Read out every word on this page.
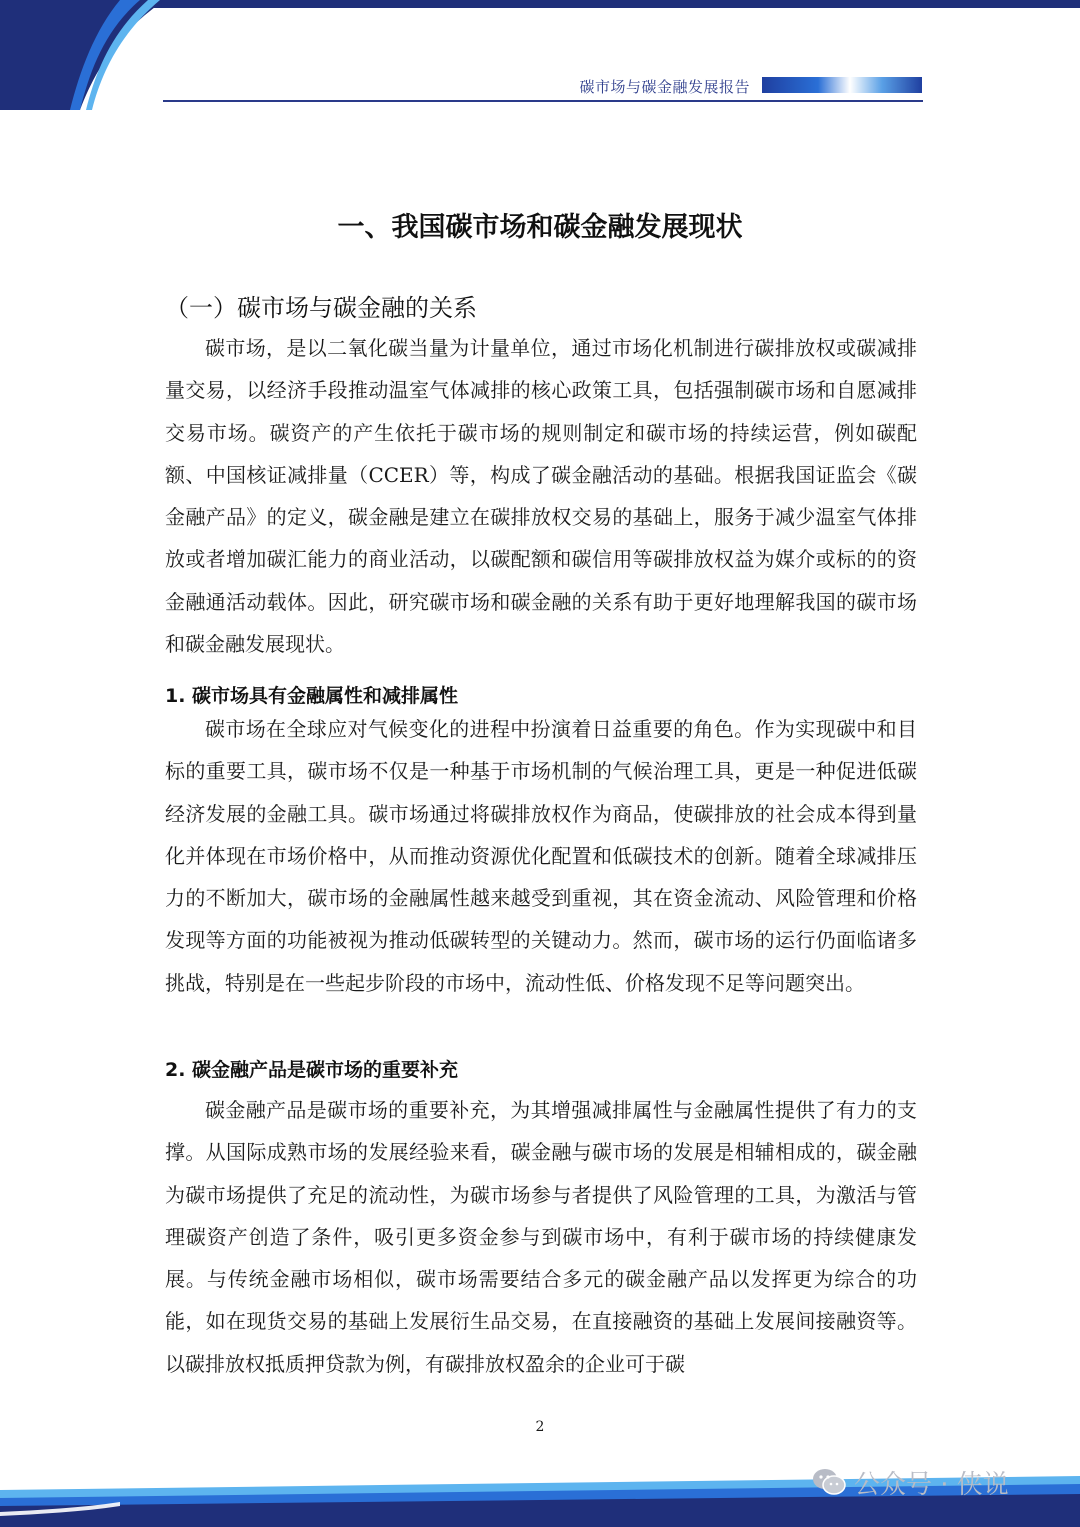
碳市场与碳金融发展报告
一、我国碳市场和碳金融发展现状
（一）碳市场与碳金融的关系

碳市场，是以二氧化碳当量为计量单位，通过市场化机制进行碳排放权或碳减排量交易，以经济手段推动温室气体减排的核心政策工具，包括强制碳市场和自愿减排交易市场。碳资产的产生依托于碳市场的规则制定和碳市场的持续运营，例如碳配额、中国核证减排量（CCER）等，构成了碳金融活动的基础。根据我国证监会《碳金融产品》的定义，碳金融是建立在碳排放权交易的基础上，服务于减少温室气体排放或者增加碳汇能力的商业活动，以碳配额和碳信用等碳排放权益为媒介或标的的资金融通活动载体。因此，研究碳市场和碳金融的关系有助于更好地理解我国的碳市场和碳金融发展现状。

1. 碳市场具有金融属性和减排属性

碳市场在全球应对气候变化的进程中扮演着日益重要的角色。作为实现碳中和目标的重要工具，碳市场不仅是一种基于市场机制的气候治理工具，更是一种促进低碳经济发展的金融工具。碳市场通过将碳排放权作为商品，使碳排放的社会成本得到量化并体现在市场价格中，从而推动资源优化配置和低碳技术的创新。随着全球减排压力的不断加大，碳市场的金融属性越来越受到重视，其在资金流动、风险管理和价格发现等方面的功能被视为推动低碳转型的关键动力。然而，碳市场的运行仍面临诸多挑战，特别是在一些起步阶段的市场中，流动性低、价格发现不足等问题突出。

2. 碳金融产品是碳市场的重要补充

碳金融产品是碳市场的重要补充，为其增强减排属性与金融属性提供了有力的支撑。从国际成熟市场的发展经验来看，碳金融与碳市场的发展是相辅相成的，碳金融为碳市场提供了充足的流动性，为碳市场参与者提供了风险管理的工具，为激活与管理碳资产创造了条件，吸引更多资金参与到碳市场中，有利于碳市场的持续健康发展。与传统金融市场相似，碳市场需要结合多元的碳金融产品以发挥更为综合的功能，如在现货交易的基础上发展衍生品交易，在直接融资的基础上发展间接融资等。以碳排放权抵质押贷款为例，有碳排放权盈余的企业可于碳

2
公众号 · 侠说
